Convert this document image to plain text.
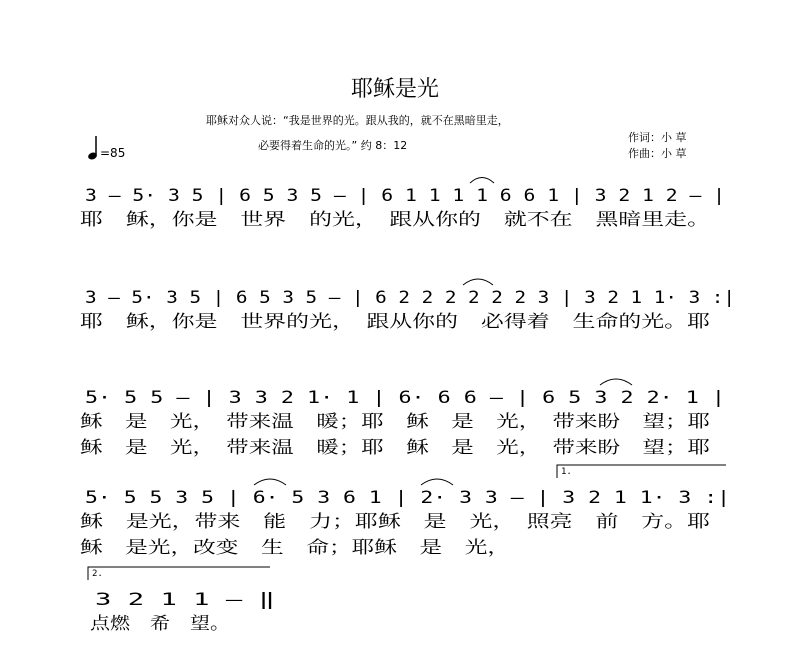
耶稣是光
耶稣对众人说：“我是世界的光。跟从我的，就不在黑暗里走，
必要得着生命的光。” 约 8：12
作词：小 草
作曲：小 草
=85
3 – 5· 3 5 | 6 5 3 5 – | 6 1 1 1 1 6 6 1 | 3 2 1 2 – |
耶　稣，你是　世界　的光，　跟从你的　就不在　黑暗里走。
3 – 5· 3 5 | 6 5 3 5 – | 6 2 2 2 2 2 2 3 | 3 2 1 1· 3 :|
耶　稣，你是　世界的光，　跟从你的　必得着　生命的光。耶
5· 5 5 – | 3 3 2 1· 1 | 6· 6 6 – | 6 5 3 2 2· 1 |
稣　是　光，　带来温　暖；耶　稣　是　光，　带来盼　望；耶
稣　是　光，　带来温　暖；耶　稣　是　光，　带来盼　望；耶
5· 5 5 3 5 | 6· 5 3 6 1 | 2· 3 3 – | 3 2 1 1· 3 :|
稣　是光，带来　能　力；耶稣　是　光，　照亮　前　方。耶
稣　是光，改变　生　命；耶稣　是　光，
3 2 1 1 – ‖
点燃　希　望。
1.
2.
